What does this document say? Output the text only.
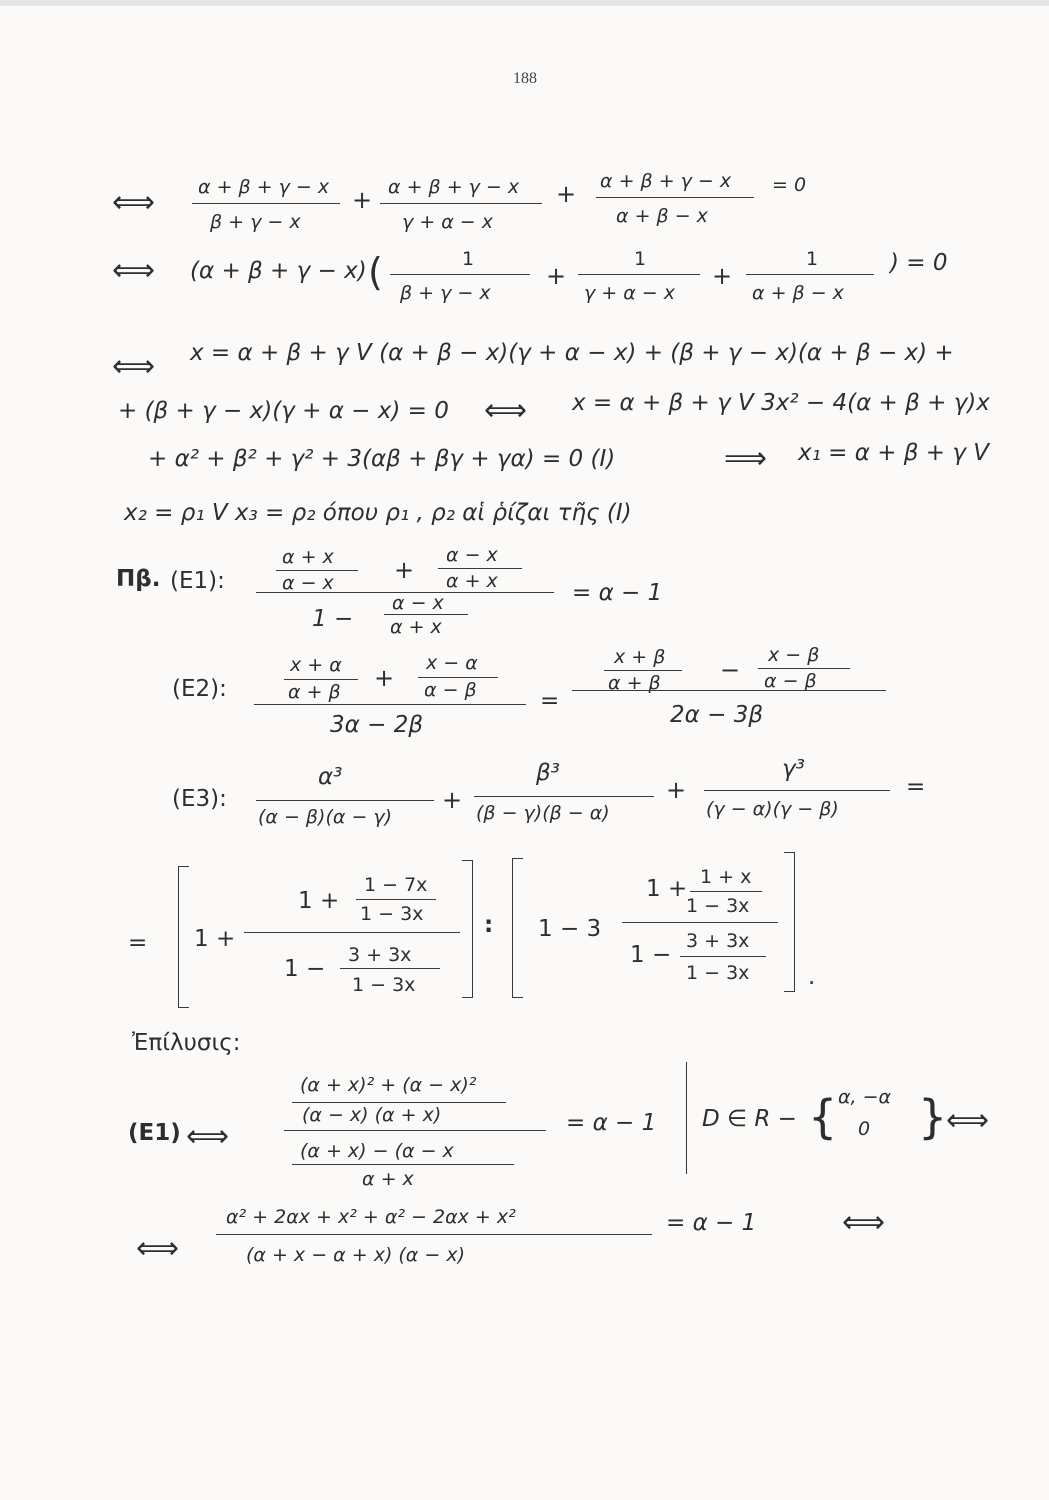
188
⟺ α + β + γ − x
β + γ − x
+ α + β + γ − x
γ + α − x
+ α + β + γ − x
α + β − x
= 0
⟺ (α + β + γ − x) (	1
β + γ − x
+
1
γ + α − x
+
1
α + β − x
) = 0
⟺ x = α + β + γ V (α + β − x)(γ + α − x) + (β + γ − x)(α + β − x) +
+ (β + γ − x)(γ + α − x) = 0 ⟺ x = α + β + γ V 3x² − 4(α + β + γ)x
+ α² + β² + γ² + 3(αβ + βγ + γα) = 0 (I)	⟹ x₁ = α + β + γ V
x₂ = ρ₁ V x₃ = ρ₂ όπου ρ₁ , ρ₂ αἱ ῥίζαι τῆς (I)
Πβ. (E1):
α + x
α − x	+
α − x
α + x
1 −
α − x
α + x
= α − 1
(E2):
x + α
α + β +
x − α
α − β
3α − 2β
=
x + β
α + β −
x − β
α − β
2α − 3β
(E3):
α³
(α − β)(α − γ)
+
β³
(β − γ)(β − α)
+
γ³
(γ − α)(γ − β)
=
= 1 +
1 +
1 − 7x
1 − 3x
1 −
3 + 3x
1 − 3x
: 1 − 3
1 + 1 + x
1 − 3x
1 −
3 + 3x
1 − 3x	.
Ἐπίλυσις:
(E1) ⟺
(α + x)² + (α − x)²
(α − x) (α + x)
(α + x) − (α − x
α + x
= α − 1 D ∈ R − { α, −α
0 }
⟺
⟺
α² + 2αx + x² + α² − 2αx + x²
(α + x − α + x) (α − x)
= α − 1	⟺
